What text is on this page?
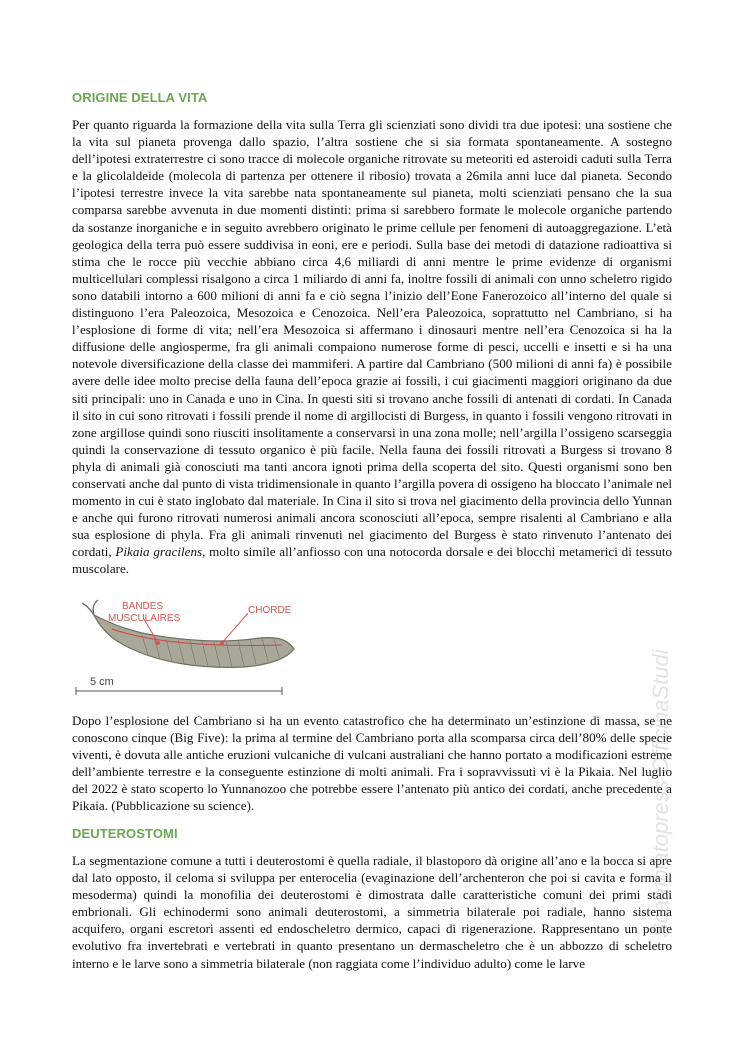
ORIGINE DELLA VITA

Per quanto riguarda la formazione della vita sulla Terra gli scienziati sono dividi tra due ipotesi: una sostiene che la vita sul pianeta provenga dallo spazio, l’altra sostiene che si sia formata spontaneamente. A sostegno dell’ipotesi extraterrestre ci sono tracce di molecole organiche ritrovate su meteoriti ed asteroidi caduti sulla Terra e la glicolaldeide (molecola di partenza per ottenere il ribosio) trovata a 26mila anni luce dal pianeta. Secondo l’ipotesi terrestre invece la vita sarebbe nata spontaneamente sul pianeta, molti scienziati pensano che la sua comparsa sarebbe avvenuta in due momenti distinti: prima si sarebbero formate le molecole organiche partendo da sostanze inorganiche e in seguito avrebbero originato le prime cellule per fenomeni di autoaggregazione. L’età geologica della terra può essere suddivisa in eoni, ere e periodi. Sulla base dei metodi di datazione radioattiva si stima che le rocce più vecchie abbiano circa 4,6 miliardi di anni mentre le prime evidenze di organismi multicellulari complessi risalgono a circa 1 miliardo di anni fa, inoltre fossili di animali con unno scheletro rigido sono databili intorno a 600 milioni di anni fa e ciò segna l’inizio dell’Eone Fanerozoico all’interno del quale si distinguono l’era Paleozoica, Mesozoica e Cenozoica. Nell’era Paleozoica, soprattutto nel Cambriano, si ha l’esplosione di forme di vita; nell’era Mesozoica si affermano i dinosauri mentre nell’era Cenozoica si ha la diffusione delle angiosperme, fra gli animali compaiono numerose forme di pesci, uccelli e insetti e si ha una notevole diversificazione della classe dei mammiferi. A partire dal Cambriano (500 milioni di anni fa) è possibile avere delle idee molto precise della fauna dell’epoca grazie ai fossili, i cui giacimenti maggiori originano da due siti principali: uno in Canada e uno in Cina. In questi siti si trovano anche fossili di antenati di cordati. In Canada il sito in cui sono ritrovati i fossili prende il nome di argillocisti di Burgess, in quanto i fossili vengono ritrovati in zone argillose quindi sono riusciti insolitamente a conservarsi in una zona molle; nell’argilla l’ossigeno scarseggia quindi la conservazione di tessuto organico è più facile. Nella fauna dei fossili ritrovati a Burgess si trovano 8 phyla di animali già conosciuti ma tanti ancora ignoti prima della scoperta del sito. Questi organismi sono ben conservati anche dal punto di vista tridimensionale in quanto l’argilla povera di ossigeno ha bloccato l’animale nel momento in cui è stato inglobato dal materiale. In Cina il sito si trova nel giacimento della provincia dello Yunnan e anche qui furono ritrovati numerosi animali ancora sconosciuti all’epoca, sempre risalenti al Cambriano e alla sua esplosione di phyla. Fra gli animali rinvenuti nel giacimento del Burgess è stato rinvenuto l’antenato dei cordati, Pikaia gracilens, molto simile all’anfiosso con una notocorda dorsale e dei blocchi metamerici di tessuto muscolare.

BANDES
MUSCULAIRES
CHORDE
5 cm

Dopo l’esplosione del Cambriano si ha un evento catastrofico che ha determinato un’estinzione di massa, se ne conoscono cinque (Big Five): la prima al termine del Cambriano porta alla scomparsa circa dell’80% delle specie viventi, è dovuta alle antiche eruzioni vulcaniche di vulcani australiani che hanno portato a modificazioni estreme dell’ambiente terrestre e la conseguente estinzione di molti animali. Fra i sopravvissuti vi è la Pikaia. Nel luglio del 2022 è stato scoperto lo Yunnanozoo che potrebbe essere l’antenato più antico dei cordati, anche precedente a Pikaia. (Pubblicazione su science).

DEUTEROSTOMI

La segmentazione comune a tutti i deuterostomi è quella radiale, il blastoporo dà origine all’ano e la bocca si apre dal lato opposto, il celoma si sviluppa per enterocelia (evaginazione dell’archenteron che poi si cavita e forma il mesoderma) quindi la monofilia dei deuterostomi è dimostrata dalle caratteristiche comuni dei primi stadi embrionali. Gli echinodermi sono animali deuterostomi, a simmetria bilaterale poi radiale, hanno sistema acquifero, organi escretori assenti ed endoscheletro dermico, capaci di rigenerazione. Rappresentano un ponte evolutivo fra invertebrati e vertebrati in quanto presentano un dermascheletro che è un abbozzo di scheletro interno e le larve sono a simmetria bilaterale (non raggiata come l’individuo adulto) come le larve

Scambiatopress OfficinaStudi
